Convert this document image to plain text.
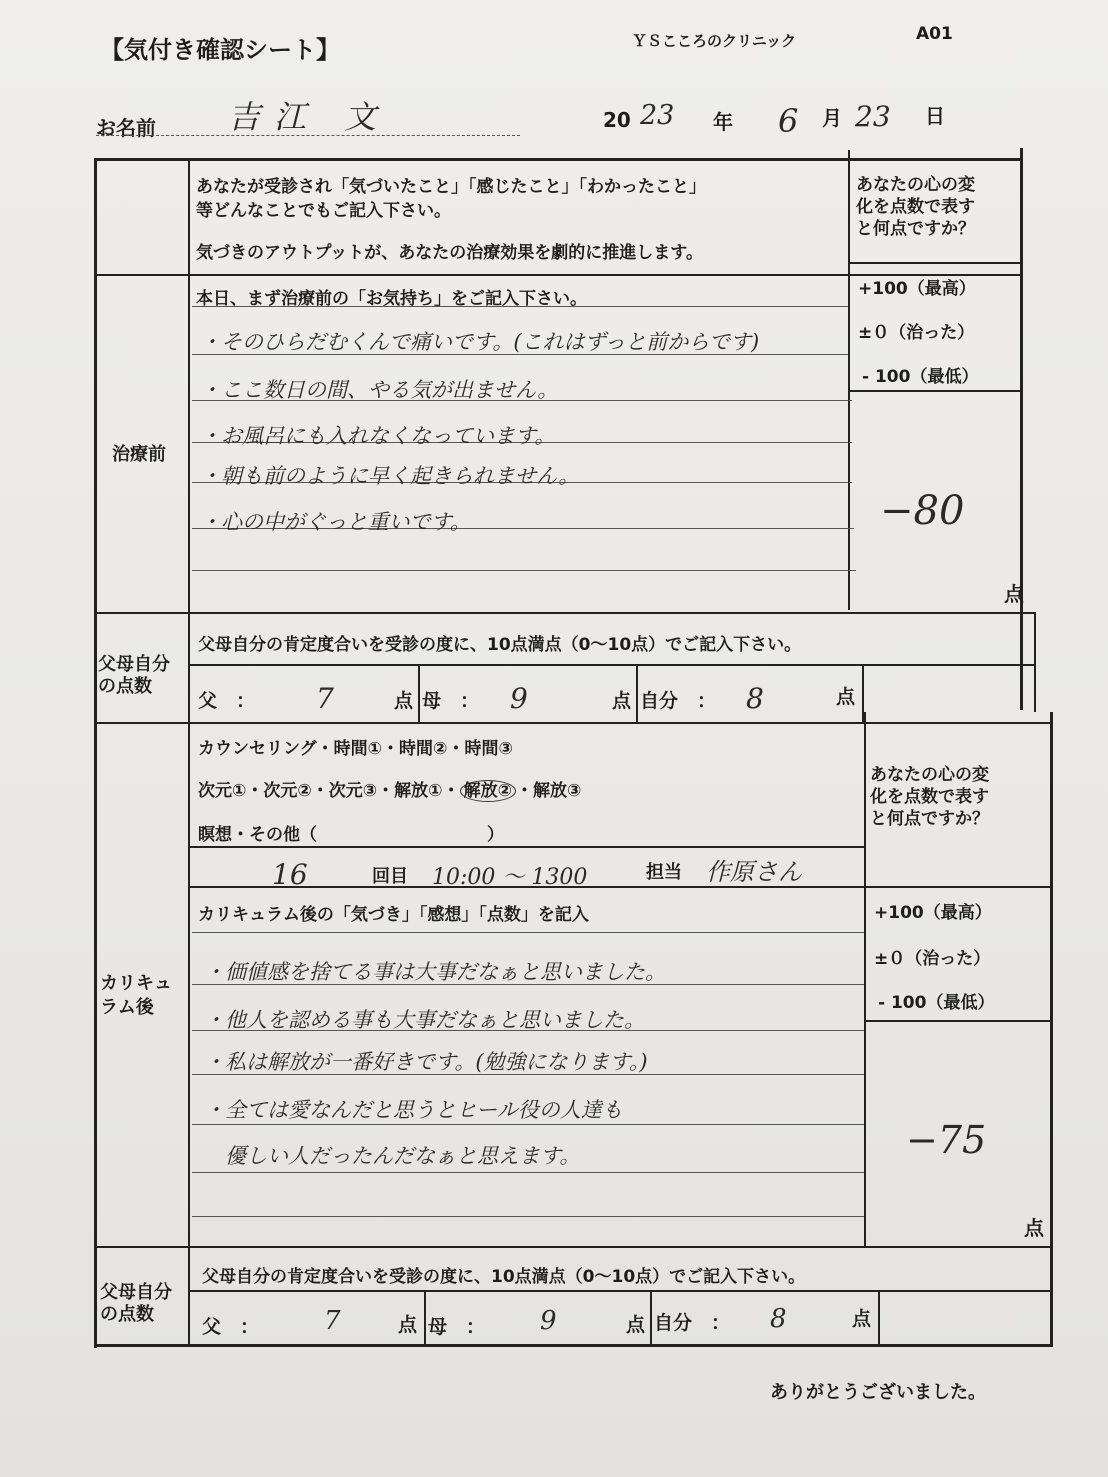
【気付き確認シート】	ＹＳこころのクリニック	A01
お名前 吉江 文	20 23 年 6 月 23 日
あなたが受診され「気づいたこと」「感じたこと」「わかったこと」
等どんなことでもご記入下さい。
気づきのアウトプットが、あなたの治療効果を劇的に推進します。
あなたの心の変
化を点数で表す
と何点ですか？
治療前
本日、まず治療前の「お気持ち」をご記入下さい。
・そのひらだむくんで痛いです。(これはずっと前からです)
・ここ数日の間、やる気が出ません。
・お風呂にも入れなくなっています。
・朝も前のように早く起きられません。
・心の中がぐっと重いです。
+100（最高）
±０（治った）
- 100（最低）
−80
点
父母自分
の点数
父母自分の肯定度合いを受診の度に、10点満点（0〜10点）でご記入下さい。
父　： 7	点 母　： 9	点 自分　： 8	点
カリキュ
ラム後
カウンセリング・時間①・時間②・時間③
次元①・次元②・次元③・解放①・ 解放② ・解放③
瞑想・その他（　　　　　　　　　　）
16	回目 10:00 〜 1300	担当 作原さん
あなたの心の変
化を点数で表す
と何点ですか？
カリキュラム後の「気づき」「感想」「点数」を記入
・価値感を捨てる事は大事だなぁと思いました。
・他人を認める事も大事だなぁと思いました。
・私は解放が一番好きです。(勉強になります。)
・全ては愛なんだと思うとヒール役の人達も
　優しい人だったんだなぁと思えます。
+100（最高）
±０（治った）
- 100（最低）
−75
点
父母自分
の点数
父母自分の肯定度合いを受診の度に、10点満点（0〜10点）でご記入下さい。
父　： 7	点 母　： 9	点 自分　： 8	点
ありがとうございました。
